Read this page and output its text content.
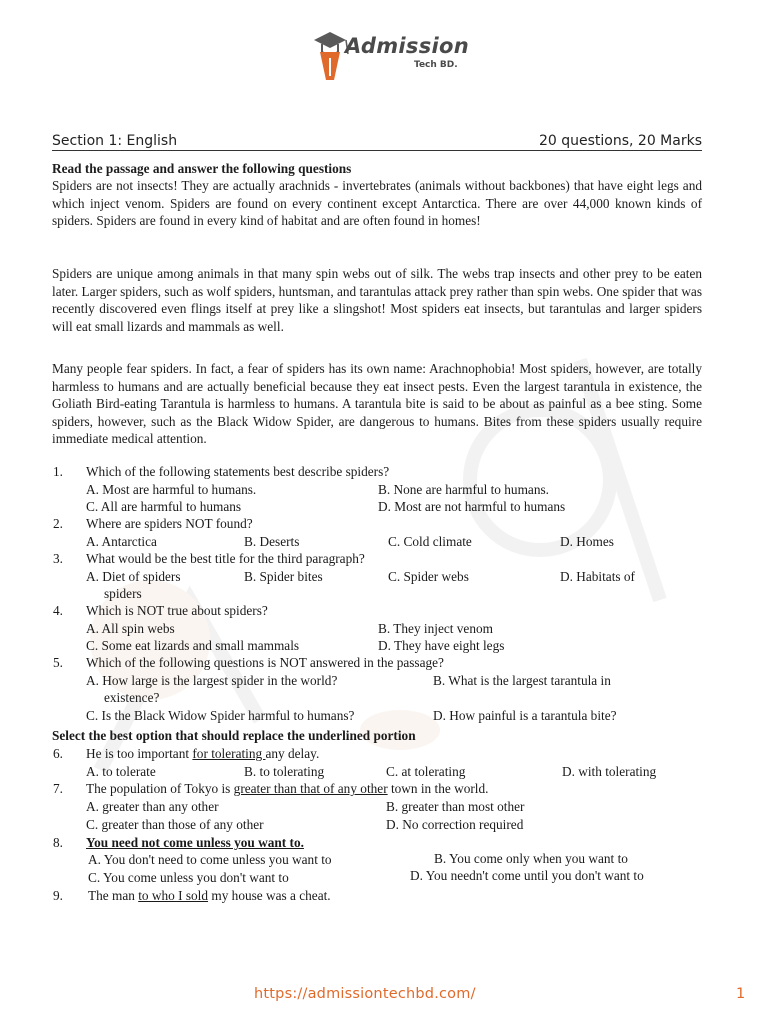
Admission
Tech BD.
Section 1: English	20 questions, 20 Marks
Read the passage and answer the following questions
Spiders are not insects! They are actually arachnids - invertebrates (animals without backbones) that have eight legs and which inject venom. Spiders are found on every continent except Antarctica. There are over 44,000 known kinds of spiders. Spiders are found in every kind of habitat and are often found in homes!
Spiders are unique among animals in that many spin webs out of silk. The webs trap insects and other prey to be eaten later. Larger spiders, such as wolf spiders, huntsman, and tarantulas attack prey rather than spin webs. One spider that was recently discovered even flings itself at prey like a slingshot! Most spiders eat insects, but tarantulas and larger spiders will eat small lizards and mammals as well.
Many people fear spiders. In fact, a fear of spiders has its own name: Arachnophobia! Most spiders, however, are totally harmless to humans and are actually beneficial because they eat insect pests. Even the largest tarantula in existence, the Goliath Bird-eating Tarantula is harmless to humans. A tarantula bite is said to be about as painful as a bee sting. Some spiders, however, such as the Black Widow Spider, are dangerous to humans. Bites from these spiders usually require immediate medical attention.
1. Which of the following statements best describe spiders?
A. Most are harmful to humans.	B. None are harmful to humans.
C. All are harmful to humans	D. Most are not harmful to humans
2. Where are spiders NOT found?
A. Antarctica	B. Deserts	C. Cold climate	D. Homes
3. What would be the best title for the third paragraph?
A. Diet of spiders	B. Spider bites	C. Spider webs	D. Habitats of
spiders
4. Which is NOT true about spiders?
A. All spin webs	B. They inject venom
C. Some eat lizards and small mammals	D. They have eight legs
5. Which of the following questions is NOT answered in the passage?
A. How large is the largest spider in the world?	B. What is the largest tarantula in
existence?
C. Is the Black Widow Spider harmful to humans?	D. How painful is a tarantula bite?
Select the best option that should replace the underlined portion
6. He is too important for tolerating any delay.
A. to tolerate	B. to tolerating	C. at tolerating	D. with tolerating
7. The population of Tokyo is greater than that of any other town in the world.
A. greater than any other	B. greater than most other
C. greater than those of any other	D. No correction required
8. You need not come unless you want to.
A. You don't need to come unless you want to	B. You come only when you want to
C. You come unless you don't want to	D. You needn't come until you don't want to
9. The man to who I sold my house was a cheat.
https://admissiontechbd.com/	1
